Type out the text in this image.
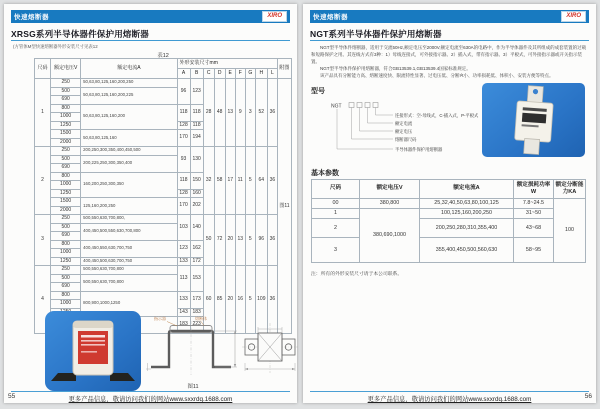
快速熔断器	XIRO
XRSG系列半导体器件保护用熔断器
(方管体M型快速熔断器外形安装尺寸见表12
表12
尺码	额定电压V	额定电流A	外形安装尺寸mm									附图
			A	B	C	D	E	F	G	H	L	
1	250	50,63,80,125,160,200,250	96	123	28	48	13	9	3	52	36	图11
	500	50,63,80,125,160,200,225										
	690											
	800	50,63,80,125,160,200	118	118								
	1000											
	1250		128	118								
	1500	50,63,80,125,160	170	194								
	2000											
2	250	200,250,300,350,400,450,500	93	130	32	58	17	11	5	64	36	
	500	200,225,250,300,350,400										
	690											
	800	160,200,250,300,350	118	150								
	1000											
	1250		128	160								
	1500	125,160,200,250	170	202								
	2000											
3	250	500,550,630,700,800,	103	140	50	72	20	13	5	96	36	
	500	400,450,500,550,630,700,800										
	690											
	800	400,450,550,630,700,750	123	162								
	1000											
	1250	400,450,500,630,700,750	133	172								
4	250	500,550,630,700,800	113	153	60	85	20	16	5	109	36	
	500	500,550,630,700,800										
	690											
	800	800,900,1000,1250	133	173								
	1000											
	143	183								
		183	223								

指示器	熔断体
图11
55	更多产品信息，敬请访问我们的网站www.sxxrdq.1688.com
快速熔断器	XIRO
NGT系列半导体器件保护用熔断器

NGT型半导体件熔断器，适用于交流50Hz,额定电压至2000V,额定电流至630A的电路中，作为半导体器件及其所组成的成套装置的过载和短路保护之用。其连线方式有3种：1）母线连接式，可外接指示器。2）插入式，带有指示器。3）平板式，可外接指示器或开关指示装置。

NGT型半导体件保护用熔断器，符合GB13539.1,GB13539.4国家标准规定。

该产品具有分断能力高、熔断速度快、限流特性显著、过电压低、分断I²t小、功率损耗低、体积小、安装方便等特点。

型号
NGT
连接形式：空-母线式，C-插入式，P-平板式
额定电流
额定电压
熔断器尺码
半导体器件保护用熔断器
基本参数
尺码	额定电压V	额定电流A	额定损耗功率W	额定分断能力KA
00	380,800	25,32,40,50,63,80,100,125	7.8~24.5	100
1	380,690,1000	100,125,160,200,250	31~50	
2		200,250,280,310,355,400	43~68	
3		355,400,450,500,560,630	58~95	
注：所有的外形安装尺寸请于本公司联系。
更多产品信息，敬请访问我们的网站www.sxxrdq.1688.com	56
